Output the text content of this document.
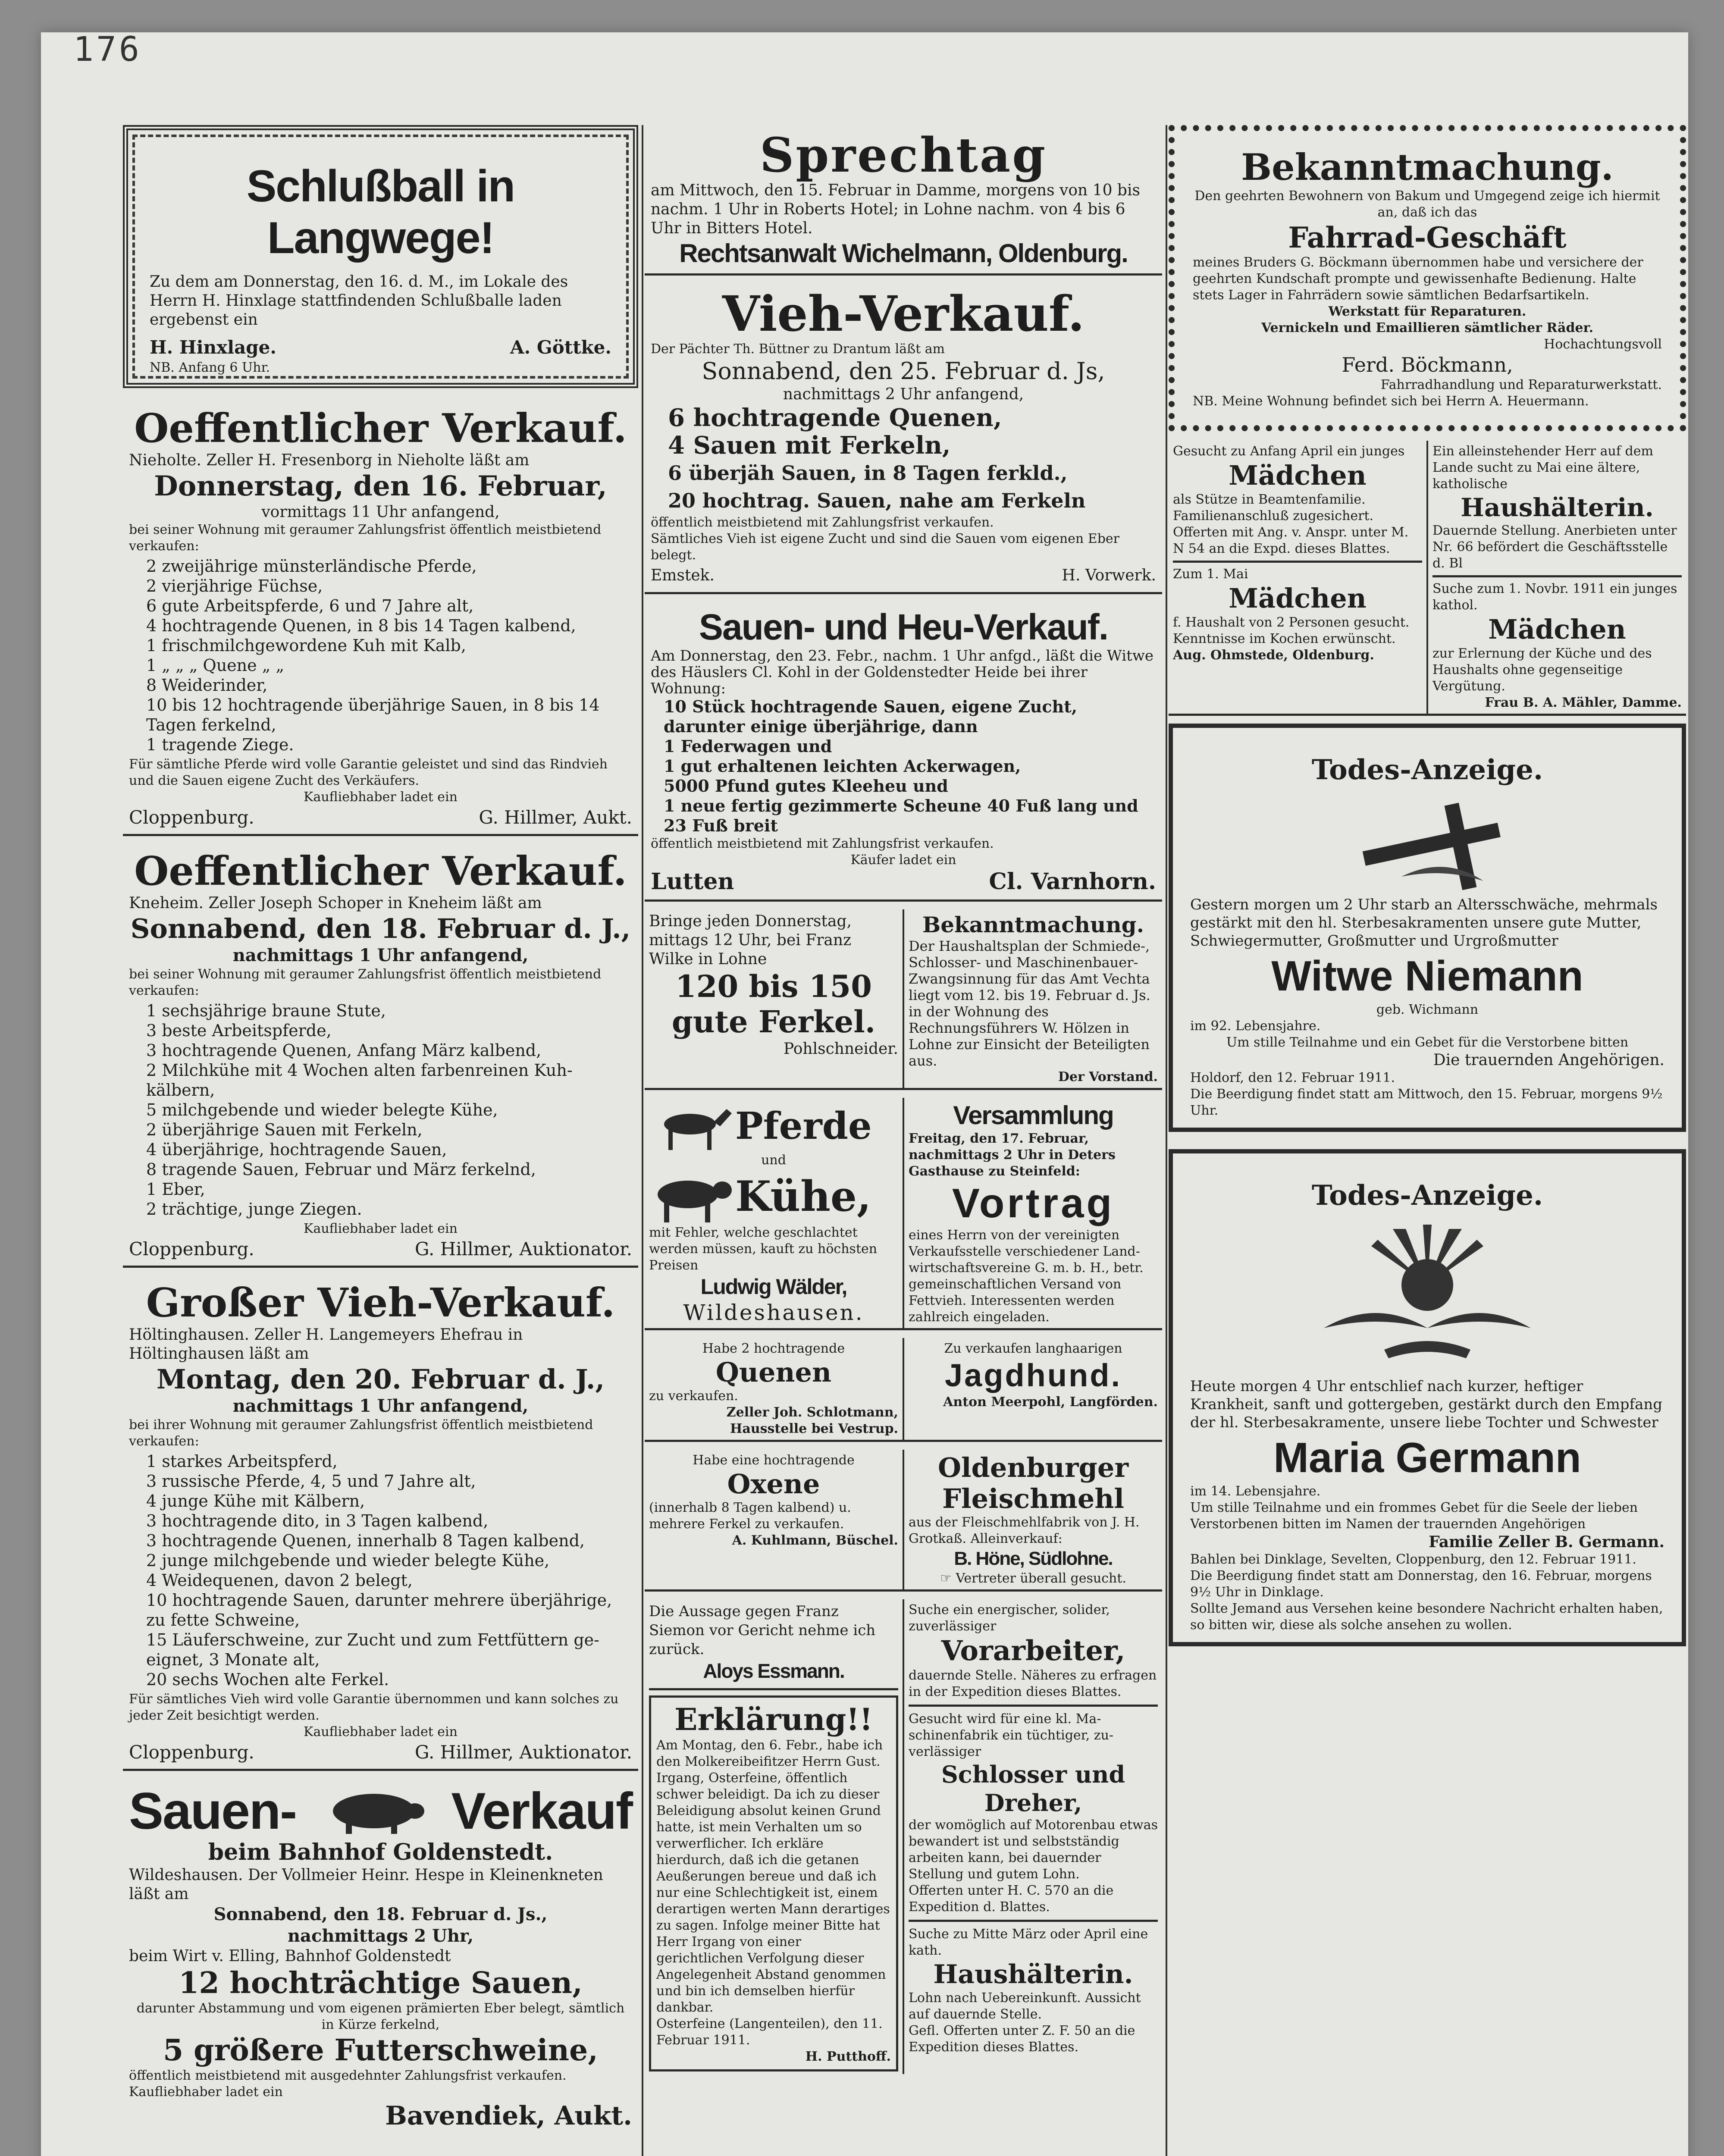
176
Schlußball in Langwege!
Zu dem am Donnerstag, den 16. d. M., im Lokale des Herrn H. Hinxlage stattfindenden Schlußballe laden ergebenst ein
H. Hinxlage.	A. Göttke.
NB. Anfang 6 Uhr.
Oeffentlicher Verkauf.
Nieholte. Zeller H. Fresenborg in Nieholte läßt am
Donnerstag, den 16. Februar,
vormittags 11 Uhr anfangend,
bei seiner Wohnung mit geraumer Zahlungsfrist öffentlich meistbietend verkaufen:
2 zweijährige münsterländische Pferde,
2 vierjährige Füchse,
6 gute Arbeitspferde, 6 und 7 Jahre alt,
4 hochtragende Quenen, in 8 bis 14 Tagen kalbend,
1 frischmilchgewordene Kuh mit Kalb,
1 „ „ „ Quene „ „
8 Weiderinder,
10 bis 12 hochtragende überjährige Sauen, in 8 bis 14 Tagen ferkelnd,
1 tragende Ziege.
Für sämtliche Pferde wird volle Garantie geleistet und sind das Rindvieh und die Sauen eigene Zucht des Verkäufers.
Kaufliebhaber ladet ein
Cloppenburg.	G. Hillmer, Aukt.
Oeffentlicher Verkauf.
Kneheim. Zeller Joseph Schoper in Kneheim läßt am
Sonnabend, den 18. Februar d. J.,
nachmittags 1 Uhr anfangend,
bei seiner Wohnung mit geraumer Zahlungsfrist öffentlich meistbietend verkaufen:
1 sechsjährige braune Stute,
3 beste Arbeitspferde,
3 hochtragende Quenen, Anfang März kalbend,
2 Milchkühe mit 4 Wochen alten farbenreinen Kuhkälbern,
5 milchgebende und wieder belegte Kühe,
2 überjährige Sauen mit Ferkeln,
4 überjährige, hochtragende Sauen,
8 tragende Sauen, Februar und März ferkelnd,
1 Eber,
2 trächtige, junge Ziegen.
Kaufliebhaber ladet ein
Cloppenburg.	G. Hillmer, Auktionator.
Großer Vieh-Verkauf.
Höltinghausen. Zeller H. Langemeyers Ehefrau in Höltinghausen läßt am
Montag, den 20. Februar d. J.,
nachmittags 1 Uhr anfangend,
bei ihrer Wohnung mit geraumer Zahlungsfrist öffentlich meistbietend verkaufen:
1 starkes Arbeitspferd,
3 russische Pferde, 4, 5 und 7 Jahre alt,
4 junge Kühe mit Kälbern,
3 hochtragende dito, in 3 Tagen kalbend,
3 hochtragende Quenen, innerhalb 8 Tagen kalbend,
2 junge milchgebende und wieder belegte Kühe,
4 Weidequenen, davon 2 belegt,
10 hochtragende Sauen, darunter mehrere überjährige, zu fette Schweine,
15 Läuferschweine, zur Zucht und zum Fettfüttern geeignet, 3 Monate alt,
20 sechs Wochen alte Ferkel.
Für sämtliches Vieh wird volle Garantie übernommen und kann solches zu jeder Zeit besichtigt werden.
Kaufliebhaber ladet ein
Cloppenburg.	G. Hillmer, Auktionator.
Sauen-	Verkauf
beim Bahnhof Goldenstedt.
Wildeshausen. Der Vollmeier Heinr. Hespe in Kleinenkneten läßt am
Sonnabend, den 18. Februar d. Js.,
nachmittags 2 Uhr,
beim Wirt v. Elling, Bahnhof Goldenstedt
12 hochträchtige Sauen,
darunter Abstammung und vom eigenen prämierten Eber belegt, sämtlich in Kürze ferkelnd,
5 größere Futterschweine,
öffentlich meistbietend mit ausgedehnter Zahlungsfrist verkaufen.
Kaufliebhaber ladet ein
Bavendiek, Aukt.
Sprechtag
am Mittwoch, den 15. Februar in Damme, morgens von 10 bis nachm. 1 Uhr in Roberts Hotel; in Lohne nachm. von 4 bis 6 Uhr in Bitters Hotel.
Rechtsanwalt Wichelmann, Oldenburg.
Vieh-Verkauf.
Der Pächter Th. Büttner zu Drantum läßt am
Sonnabend, den 25. Februar d. Js,
nachmittags 2 Uhr anfangend,
6 hochtragende Quenen,
4 Sauen mit Ferkeln,
6 überjäh Sauen, in 8 Tagen ferkld.,
20 hochtrag. Sauen, nahe am Ferkeln
öffentlich meistbietend mit Zahlungsfrist verkaufen.
Sämtliches Vieh ist eigene Zucht und sind die Sauen vom eigenen Eber belegt.
Emstek.	H. Vorwerk.
Sauen- und Heu-Verkauf.
Am Donnerstag, den 23. Febr., nachm. 1 Uhr anfgd., läßt die Witwe des Häuslers Cl. Kohl in der Goldenstedter Heide bei ihrer Wohnung:
10 Stück hochtragende Sauen, eigene Zucht, darunter einige überjährige, dann
1 Federwagen und
1 gut erhaltenen leichten Ackerwagen,
5000 Pfund gutes Kleeheu und
1 neue fertig gezimmerte Scheune 40 Fuß lang und 23 Fuß breit
öffentlich meistbietend mit Zahlungsfrist verkaufen.
Käufer ladet ein
Lutten	Cl. Varnhorn.
Bringe jeden Donnerstag, mittags 12 Uhr, bei Franz Wilke in Lohne
120 bis 150 gute Ferkel.
Pohlschneider.
Bekanntmachung.
Der Haushaltsplan der Schmiede-, Schlosser- und Maschinenbauer-Zwangsinnung für das Amt Vechta liegt vom 12. bis 19. Februar d. Js. in der Wohnung des Rechnungsführers W. Hölzen in Lohne zur Einsicht der Beteiligten aus.
Der Vorstand.
Pferde
und
Kühe,
mit Fehler, welche geschlachtet werden müssen, kauft zu höchsten Preisen
Ludwig Wälder,
Wildeshausen.
Versammlung
Freitag, den 17. Februar, nachmittags 2 Uhr in Deters Gasthause zu Steinfeld:
Vortrag
eines Herrn von der vereinigten Verkaufsstelle verschiedener Landwirtschaftsvereine G. m. b. H., betr. gemeinschaftlichen Versand von Fettvieh. Interessenten werden zahlreich eingeladen.
Habe 2 hochtragende
Quenen
zu verkaufen.
Zeller Joh. Schlotmann, Hausstelle bei Vestrup.
Zu verkaufen langhaarigen
Jagdhund.
Anton Meerpohl, Langförden.
Habe eine hochtragende
Oxene
(innerhalb 8 Tagen kalbend) u. mehrere Ferkel zu verkaufen.
A. Kuhlmann, Büschel.
Oldenburger
Fleischmehl
aus der Fleischmehlfabrik von J. H. Grotkaß. Alleinverkauf:
B. Höne, Südlohne.
☞ Vertreter überall gesucht.
Die Aussage gegen Franz Siemon vor Gericht nehme ich zurück.
Aloys Essmann.
Erklärung!!
Am Montag, den 6. Febr., habe ich den Molkereibeifitzer Herrn Gust. Irgang, Osterfeine, öffentlich schwer beleidigt. Da ich zu dieser Beleidigung absolut keinen Grund hatte, ist mein Verhalten um so verwerflicher. Ich erkläre hierdurch, daß ich die getanen Aeußerungen bereue und daß ich nur eine Schlechtigkeit ist, einem derartigen werten Mann derartiges zu sagen. Infolge meiner Bitte hat Herr Irgang von einer gerichtlichen Verfolgung dieser Angelegenheit Abstand genommen und bin ich demselben hierfür dankbar.
Osterfeine (Langenteilen), den 11. Februar 1911.
H. Putthoff.
Suche ein energischer, solider, zuverlässiger
Vorarbeiter,
dauernde Stelle. Näheres zu erfragen in der Expedition dieses Blattes.
Gesucht wird für eine kl. Maschinenfabrik ein tüchtiger, zuverlässiger
Schlosser und Dreher,
der womöglich auf Motorenbau etwas bewandert ist und selbstständig arbeiten kann, bei dauernder Stellung und gutem Lohn.
Offerten unter H. C. 570 an die Expedition d. Blattes.
Suche zu Mitte März oder April eine kath.
Haushälterin.
Lohn nach Uebereinkunft. Aussicht auf dauernde Stelle.
Gefl. Offerten unter Z. F. 50 an die Expedition dieses Blattes.
Bekanntmachung.
Den geehrten Bewohnern von Bakum und Umgegend zeige ich hiermit an, daß ich das
Fahrrad-Geschäft
meines Bruders G. Böckmann übernommen habe und versichere der geehrten Kundschaft prompte und gewissenhafte Bedienung. Halte stets Lager in Fahrrädern sowie sämtlichen Bedarfsartikeln.
Werkstatt für Reparaturen.
Vernickeln und Emaillieren sämtlicher Räder.
Hochachtungsvoll
Ferd. Böckmann,
Fahrradhandlung und Reparaturwerkstatt.
NB. Meine Wohnung befindet sich bei Herrn A. Heuermann.
Gesucht zu Anfang April ein junges
Mädchen
als Stütze in Beamtenfamilie. Familienanschluß zugesichert.
Offerten mit Ang. v. Anspr. unter M. N 54 an die Expd. dieses Blattes.
Zum 1. Mai
Mädchen
f. Haushalt von 2 Personen gesucht. Kenntnisse im Kochen erwünscht.
Aug. Ohmstede, Oldenburg.
Ein alleinstehender Herr auf dem Lande sucht zu Mai eine ältere, katholische
Haushälterin.
Dauernde Stellung. Anerbieten unter Nr. 66 befördert die Geschäftsstelle d. Bl
Suche zum 1. Novbr. 1911 ein junges kathol.
Mädchen
zur Erlernung der Küche und des Haushalts ohne gegenseitige Vergütung.
Frau B. A. Mähler, Damme.
Todes-Anzeige.
Gestern morgen um 2 Uhr starb an Altersschwäche, mehrmals gestärkt mit den hl. Sterbesakramenten unsere gute Mutter, Schwiegermutter, Großmutter und Urgroßmutter
Witwe Niemann
geb. Wichmann
im 92. Lebensjahre.
Um stille Teilnahme und ein Gebet für die Verstorbene bitten
Die trauernden Angehörigen.
Holdorf, den 12. Februar 1911.
Die Beerdigung findet statt am Mittwoch, den 15. Februar, morgens 9½ Uhr.
Todes-Anzeige.
Heute morgen 4 Uhr entschlief nach kurzer, heftiger Krankheit, sanft und gottergeben, gestärkt durch den Empfang der hl. Sterbesakramente, unsere liebe Tochter und Schwester
Maria Germann
im 14. Lebensjahre.
Um stille Teilnahme und ein frommes Gebet für die Seele der lieben Verstorbenen bitten im Namen der trauernden Angehörigen
Familie Zeller B. Germann.
Bahlen bei Dinklage, Sevelten, Cloppenburg, den 12. Februar 1911.
Die Beerdigung findet statt am Donnerstag, den 16. Februar, morgens 9½ Uhr in Dinklage.
Sollte Jemand aus Versehen keine besondere Nachricht erhalten haben, so bitten wir, diese als solche ansehen zu wollen.
